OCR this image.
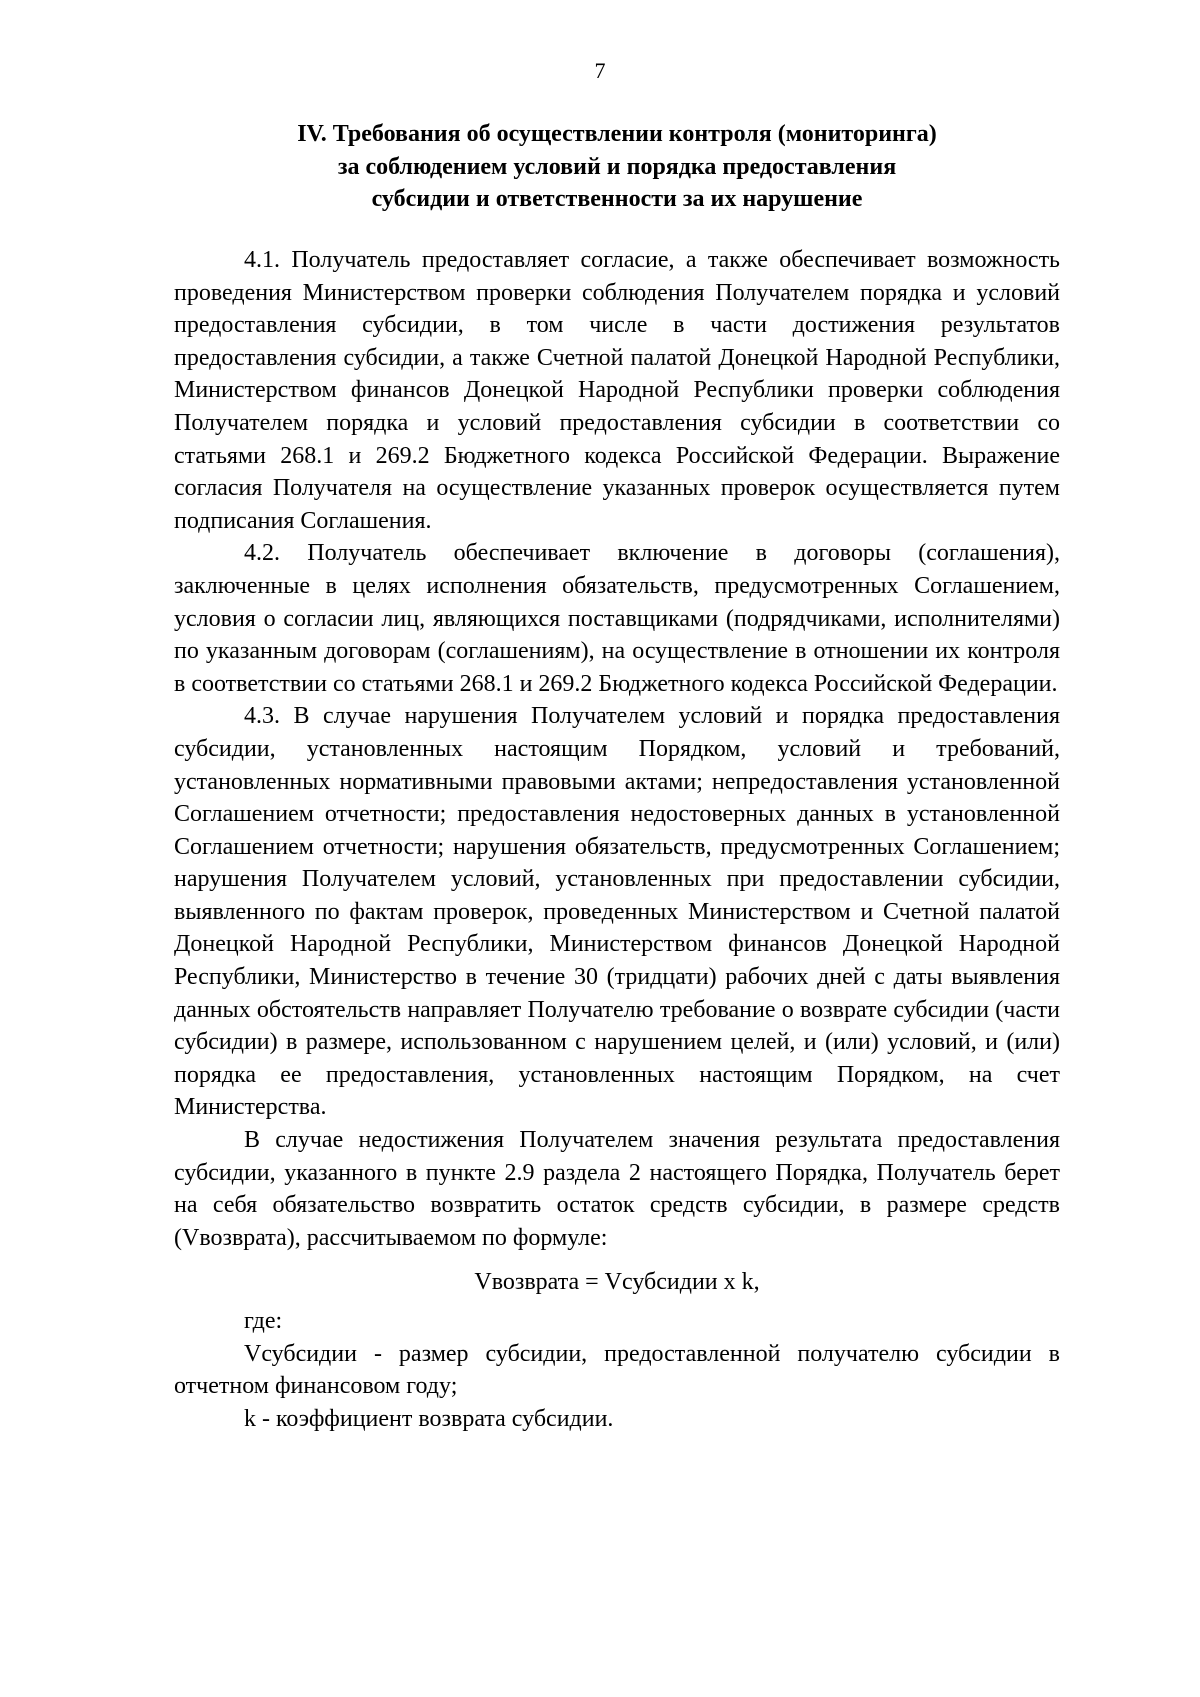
7
IV. Требования об осуществлении контроля (мониторинга)
за соблюдением условий и порядка предоставления
субсидии и ответственности за их нарушение

4.1. Получатель предоставляет согласие, а также обеспечивает возможность проведения Министерством проверки соблюдения Получателем порядка и условий предоставления субсидии, в том числе в части достижения результатов предоставления субсидии, а также Счетной палатой Донецкой Народной Республики, Министерством финансов Донецкой Народной Республики проверки соблюдения Получателем порядка и условий предоставления субсидии в соответствии со статьями 268.1 и 269.2 Бюджетного кодекса Российской Федерации. Выражение согласия Получателя на осуществление указанных проверок осуществляется путем подписания Соглашения.

4.2. Получатель обеспечивает включение в договоры (соглашения), заключенные в целях исполнения обязательств, предусмотренных Соглашением, условия о согласии лиц, являющихся поставщиками (подрядчиками, исполнителями) по указанным договорам (соглашениям), на осуществление в отношении их контроля в соответствии со статьями 268.1 и 269.2 Бюджетного кодекса Российской Федерации.

4.3. В случае нарушения Получателем условий и порядка предоставления субсидии, установленных настоящим Порядком, условий и требований, установленных нормативными правовыми актами; непредоставления установленной Соглашением отчетности; предоставления недостоверных данных в установленной Соглашением отчетности; нарушения обязательств, предусмотренных Соглашением; нарушения Получателем условий, установленных при предоставлении субсидии, выявленного по фактам проверок, проведенных Министерством и Счетной палатой Донецкой Народной Республики, Министерством финансов Донецкой Народной Республики, Министерство в течение 30 (тридцати) рабочих дней с даты выявления данных обстоятельств направляет Получателю требование о возврате субсидии (части субсидии) в размере, использованном с нарушением целей, и (или) условий, и (или) порядка ее предоставления, установленных настоящим Порядком, на счет Министерства.

В случае недостижения Получателем значения результата предоставления субсидии, указанного в пункте 2.9 раздела 2 настоящего Порядка, Получатель берет на себя обязательство возвратить остаток средств субсидии, в размере средств (Vвозврата), рассчитываемом по формуле:

Vвозврата = Vсубсидии x k,

где:

Vсубсидии - размер субсидии, предоставленной получателю субсидии в отчетном финансовом году;

k - коэффициент возврата субсидии.
